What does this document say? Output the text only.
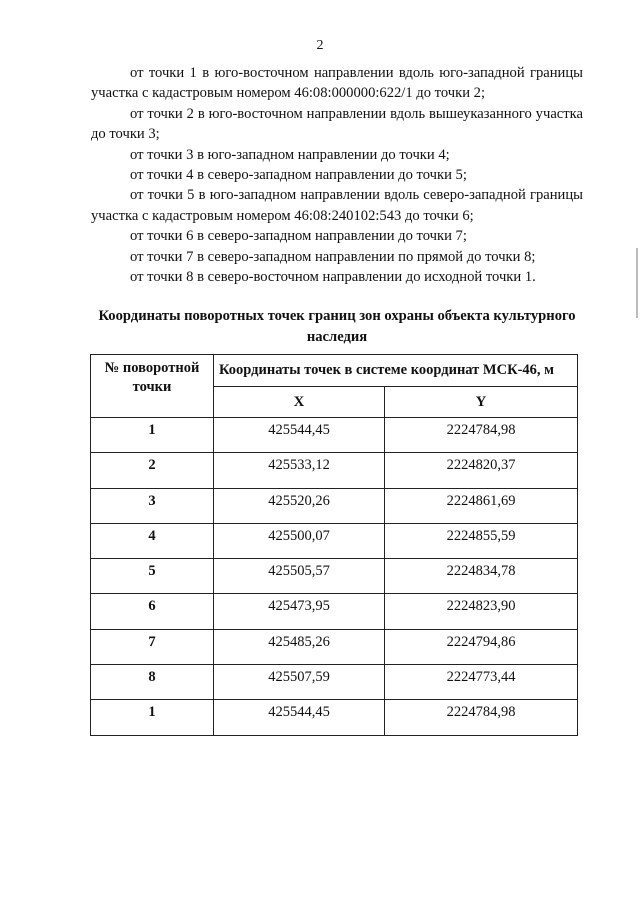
2

от точки 1 в юго-восточном направлении вдоль юго-западной границы участка с кадастровым номером 46:08:000000:622/1 до точки 2;

от точки 2 в юго-восточном направлении вдоль вышеуказанного участка до точки 3;

от точки 3 в юго-западном направлении до точки 4;

от точки 4 в северо-западном направлении до точки 5;

от точки 5 в юго-западном направлении вдоль северо-западной границы участка с кадастровым номером 46:08:240102:543 до точки 6;

от точки 6 в северо-западном направлении до точки 7;

от точки 7 в северо-западном направлении по прямой до точки 8;

от точки 8 в северо-восточном направлении до исходной точки 1.

Координаты поворотных точек границ зон охраны объекта культурного наследия
№ поворотной точки	Координаты точек в системе координат МСК-46, м	
	X	Y
1	425544,45	2224784,98
2	425533,12	2224820,37
3	425520,26	2224861,69
4	425500,07	2224855,59
5	425505,57	2224834,78
6	425473,95	2224823,90
7	425485,26	2224794,86
8	425507,59	2224773,44
1	425544,45	2224784,98
